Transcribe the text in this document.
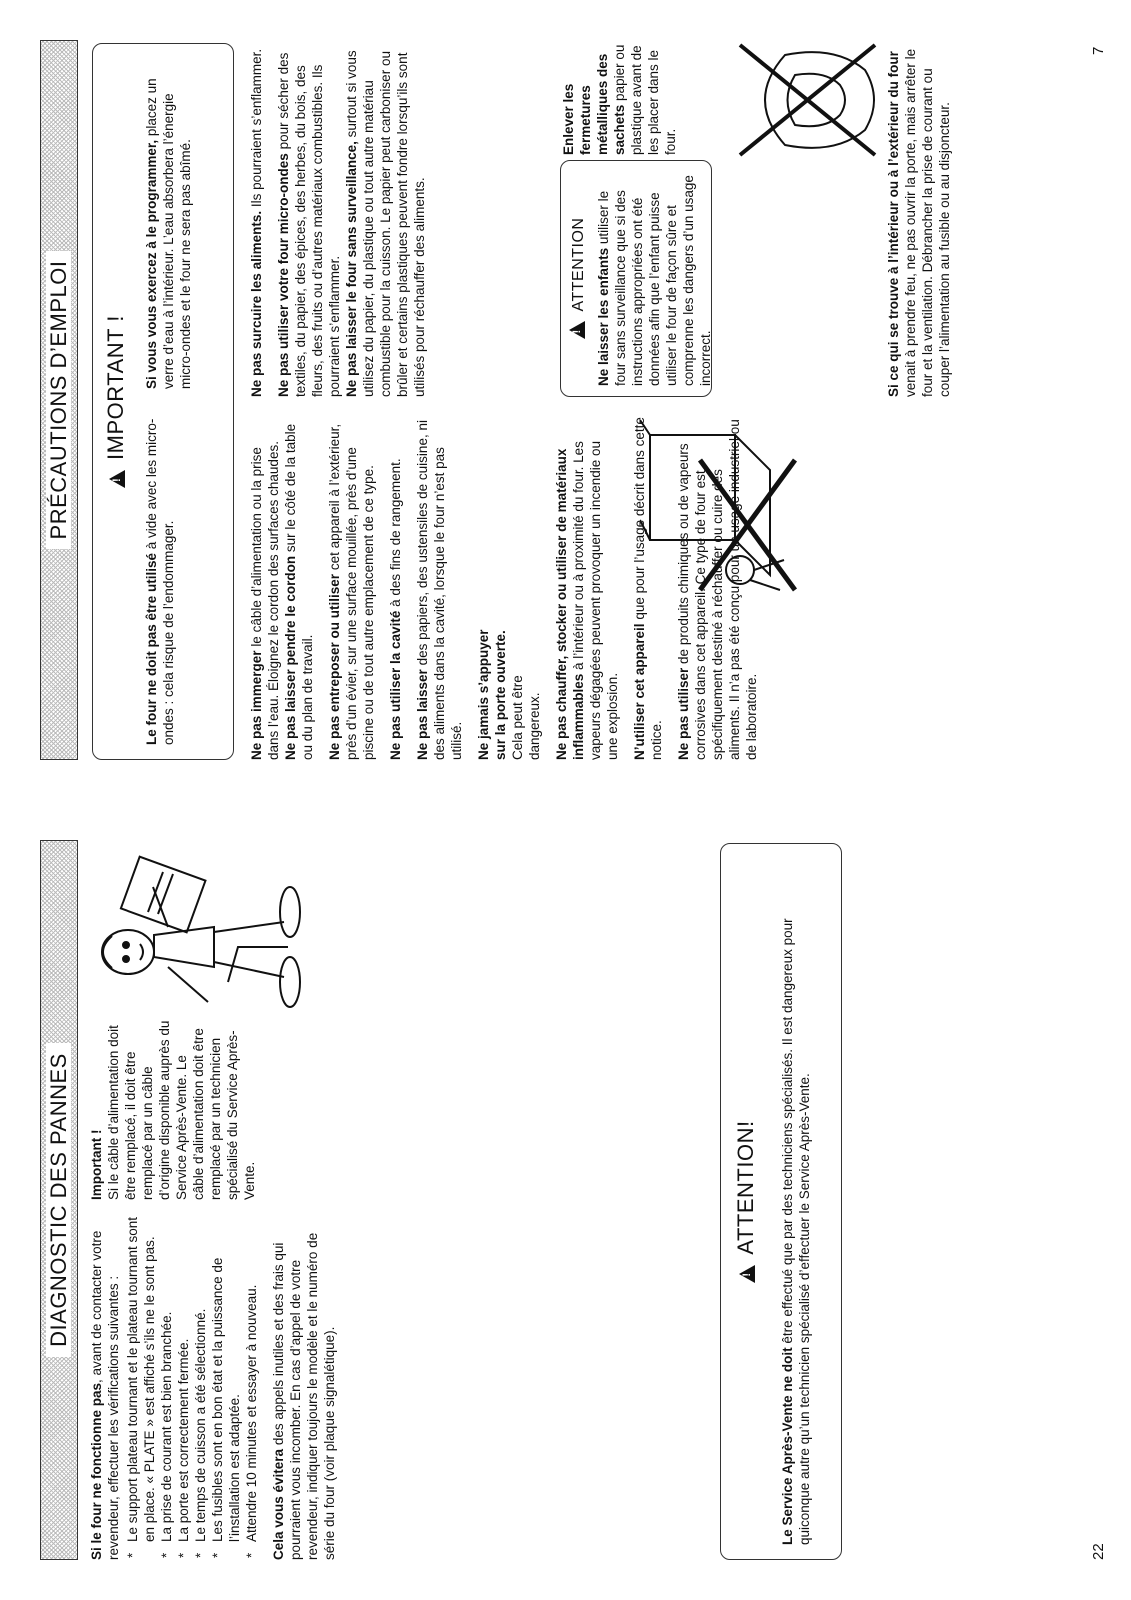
22
DIAGNOSTIC DES PANNES

Si le four ne fonctionne pas, avant de contacter votre revendeur, effectuer les vérifications suivantes : * Le support plateau tournant et le plateau tournant sont en place. « PLATE » est affiché s’ils ne le sont pas. * La prise de courant est bien branchée. * La porte est correctement fermée. * Le temps de cuisson a été sélectionné. * Les fusibles sont en bon état et la puissance de l’installation est adaptée. * Attendre 10 minutes et essayer à nouveau. Cela vous évitera des appels inutiles et des frais qui pourraient vous incomber. En cas d’appel de votre revendeur, indiquer toujours le modèle et le numéro de série du four (voir plaque signalétique).

Important ! Si le câble d’alimentation doit être remplacé, il doit être remplacé par un câble d’origine disponible auprès du Service Après-Vente. Le câble d’alimentation doit être remplacé par un technicien spécialisé du Service Après-Vente.

!	ATTENTION!
Le Service Après-Vente ne doit être effectué que par des techniciens spécialisés. Il est dangereux pour quiconque autre qu’un technicien spécialisé d’effectuer le Service Après-Vente.
7
PRÉCAUTIONS D’EMPLOI
!	IMPORTANT !
Le four ne doit pas être utilisé à vide avec les micro-ondes : cela risque de l’endommager.
Si vous vous exercez à le programmer, placez un verre d’eau à l’intérieur. L’eau absorbera l’énergie micro-ondes et le four ne sera pas abîmé.

Ne pas immerger le câble d’alimentation ou la prise dans l’eau. Éloignez le cordon des surfaces chaudes. Ne pas laisser pendre le cordon sur le côté de la table ou du plan de travail. Ne pas entreposer ou utiliser cet appareil à l’extérieur, près d’un évier, sur une surface mouillée, près d’une piscine ou de tout autre emplacement de ce type. Ne pas utiliser la cavité à des fins de rangement.

Ne pas laisser des papiers, des ustensiles de cuisine, ni des aliments dans la cavité, lorsque le four n’est pas utilisé. Ne jamais s’appuyer sur la porte ouverte. Cela peut être dangereux. Ne pas chauffer, stocker ou utiliser de matériaux inflammables à l’intérieur ou à proximité du four. Les vapeurs dégagées peuvent provoquer un incendie ou une explosion. N’utiliser cet appareil que pour l’usage décrit dans cette notice. Ne pas utiliser de produits chimiques ou de vapeurs corrosives dans cet appareil. Ce type de four est spécifiquement destiné à réchauffer ou cuire des aliments. Il n’a pas été conçu pour un usage industriel ou de laboratoire.

Ne pas surcuire les aliments. Ils pourraient s’enflammer.

Ne pas utiliser votre four micro-ondes pour sécher des textiles, du papier, des épices, des herbes, du bois, des fleurs, des fruits ou d’autres matériaux combustibles. Ils pourraient s’enflammer. Ne pas laisser le four sans surveillance, surtout si vous utilisez du papier, du plastique ou tout autre matériau combustible pour la cuisson. Le papier peut carboniser ou brûler et certains plastiques peuvent fondre lorsqu’ils sont utilisés pour réchauffer des aliments.

!	ATTENTION Ne laisser les enfants utiliser le four sans surveillance que si des instructions appropriées ont été données afin que l’enfant puisse utiliser le four de façon sûre et comprenne les dangers d’un usage incorrect.

Enlever les fermetures métalliques des sachets papier ou plastique avant de les placer dans le four.	Si ce qui se trouve à l’intérieur ou à l’extérieur du four venait à prendre feu, ne pas ouvrir la porte, mais arrêter le four et la ventilation. Débrancher la prise de courant ou couper l’alimentation au fusible ou au disjoncteur.
